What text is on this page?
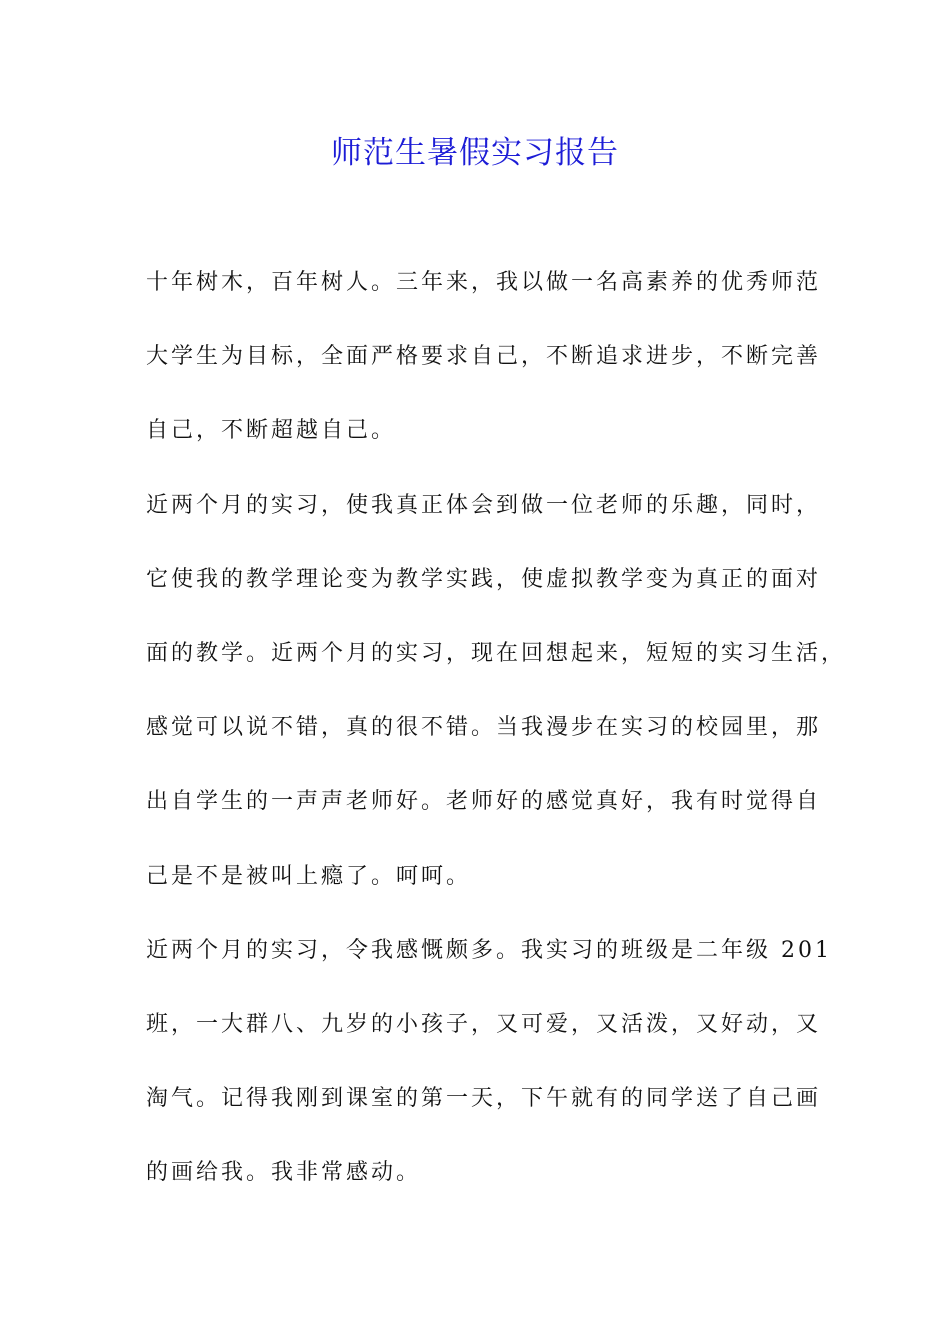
师范生暑假实习报告
十年树木，百年树人。三年来，我以做一名高素养的优秀师范
大学生为目标，全面严格要求自己，不断追求进步，不断完善
自己，不断超越自己。
近两个月的实习，使我真正体会到做一位老师的乐趣，同时，
它使我的教学理论变为教学实践，使虚拟教学变为真正的面对
面的教学。近两个月的实习，现在回想起来，短短的实习生活，
感觉可以说不错，真的很不错。当我漫步在实习的校园里，那
出自学生的一声声老师好。老师好的感觉真好，我有时觉得自
己是不是被叫上瘾了。呵呵。
近两个月的实习，令我感慨颇多。我实习的班级是二年级 201
班，一大群八、九岁的小孩子，又可爱，又活泼，又好动，又
淘气。记得我刚到课室的第一天，下午就有的同学送了自己画
的画给我。我非常感动。
